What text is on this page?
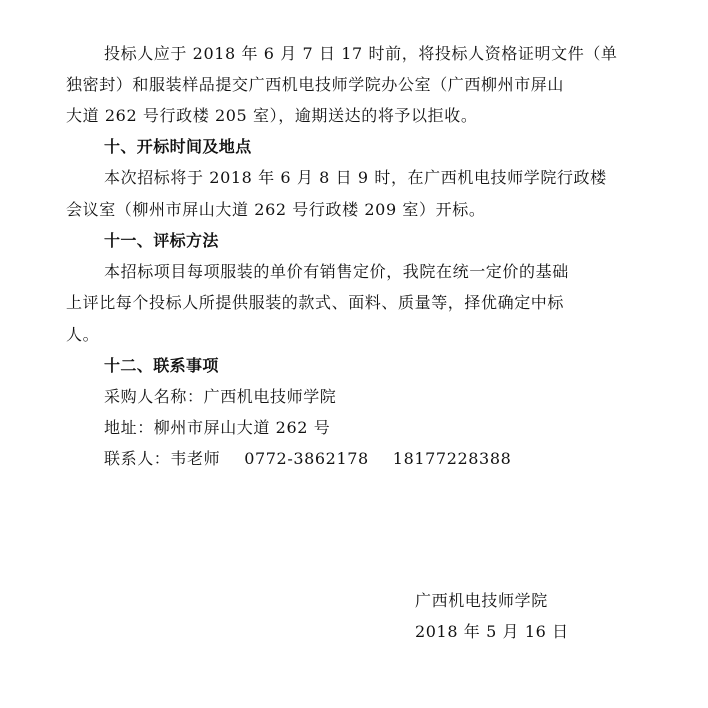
投标人应于 2018 年 6 月 7 日 17 时前，将投标人资格证明文件（单
独密封）和服装样品提交广西机电技师学院办公室（广西柳州市屏山
大道 262 号行政楼 205 室），逾期送达的将予以拒收。
十、开标时间及地点
本次招标将于 2018 年 6 月 8 日 9 时，在广西机电技师学院行政楼
会议室（柳州市屏山大道 262 号行政楼 209 室）开标。
十一、评标方法
本招标项目每项服装的单价有销售定价，我院在统一定价的基础
上评比每个投标人所提供服装的款式、面料、质量等，择优确定中标
人。
十二、联系事项
采购人名称：广西机电技师学院
地址：柳州市屏山大道 262 号
联系人：韦老师 0772-3862178 18177228388
广西机电技师学院
2018 年 5 月 16 日
